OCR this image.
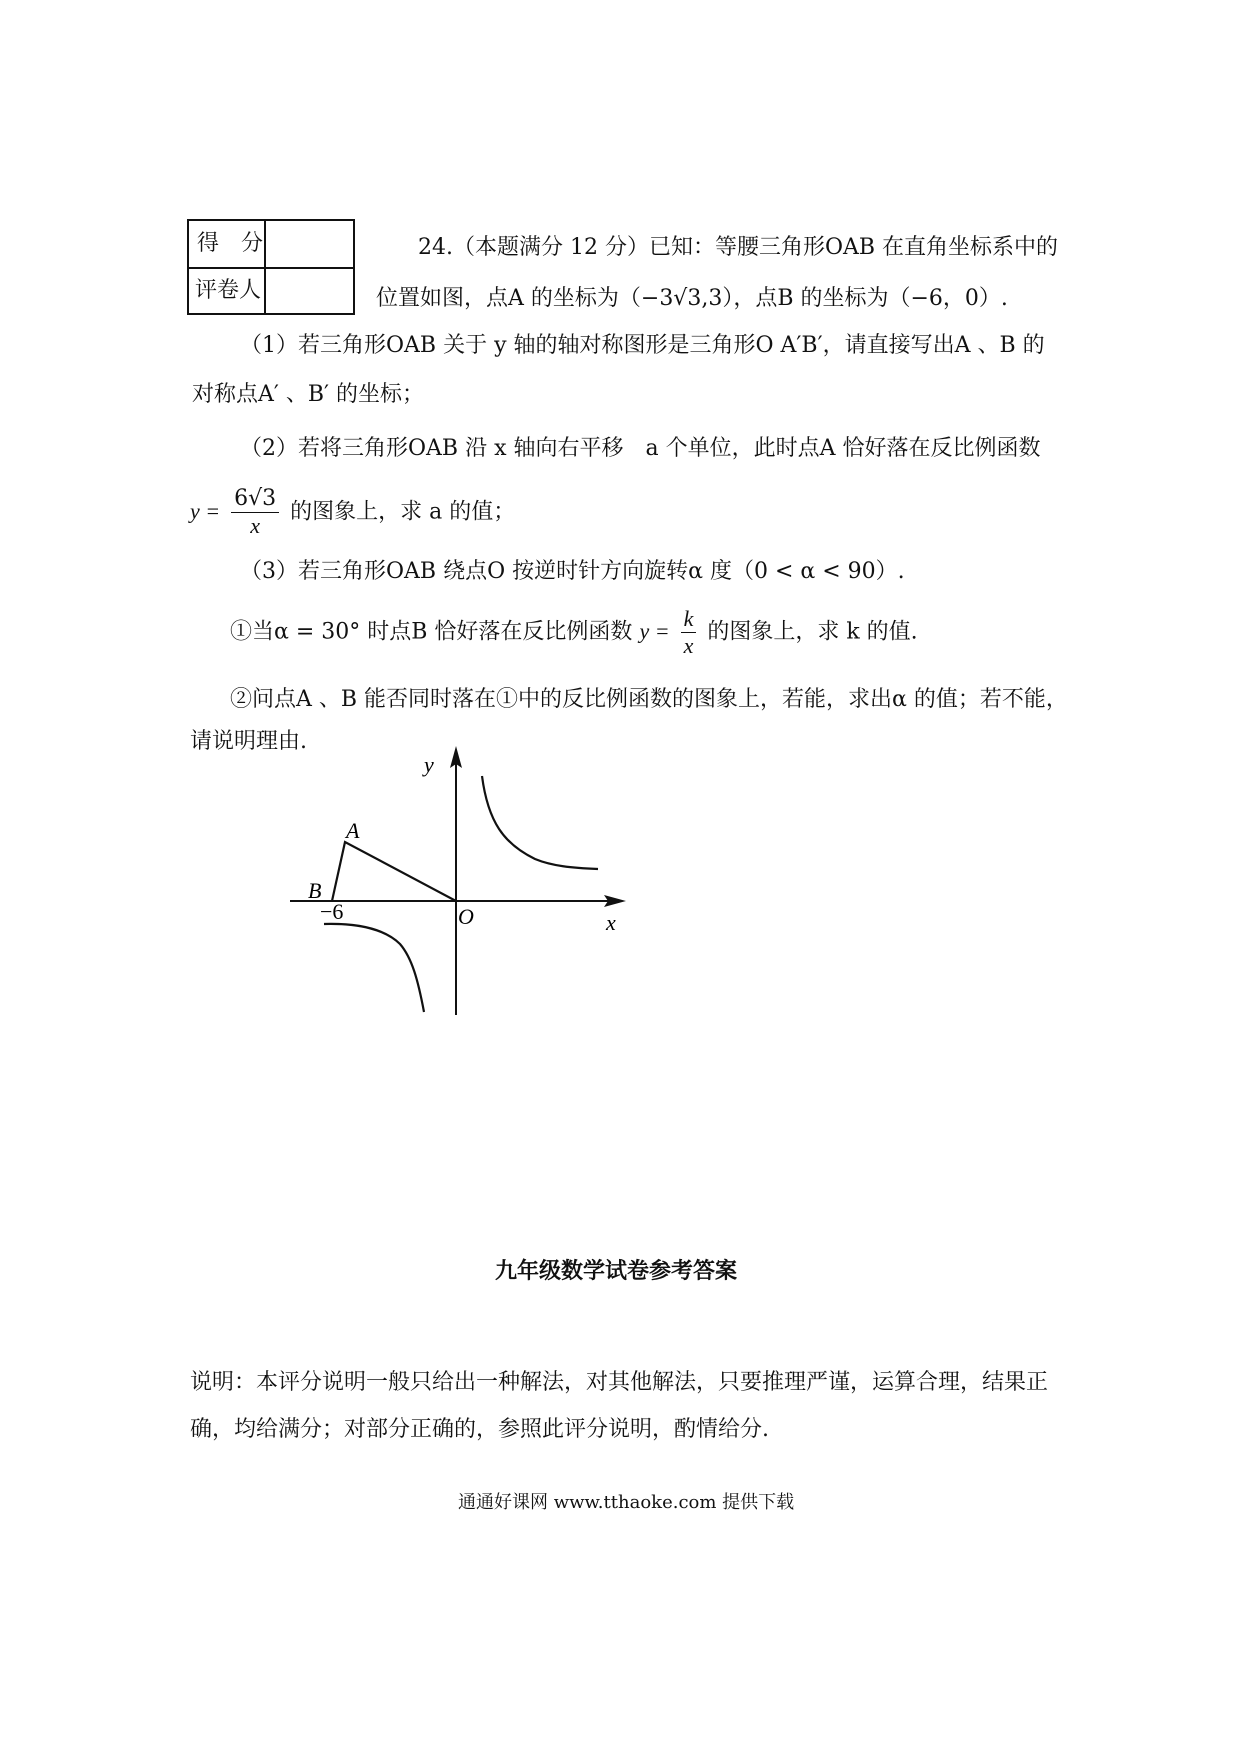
得　分
评卷人
24.（本题满分 12 分）已知：等腰三角形OAB 在直角坐标系中的
位置如图，点A 的坐标为（−3√3,3），点B 的坐标为（−6，0）.
（1）若三角形OAB 关于 y 轴的轴对称图形是三角形O A′B′，请直接写出A 、B 的
对称点A′ 、B′ 的坐标；
（2）若将三角形OAB 沿 x 轴向右平移　a 个单位，此时点A 恰好落在反比例函数
$y = \frac{6√3}{x}$ 的图象上，求 a 的值；
（3）若三角形OAB 绕点O 按逆时针方向旋转α 度（0 < α < 90）.
①当α = 30° 时点B 恰好落在反比例函数 $y = \frac{k}{x}$ 的图象上，求 k 的值.
②问点A 、B 能否同时落在①中的反比例函数的图象上，若能，求出α 的值；若不能，
请说明理由.
y
x
O
A
B
−6
九年级数学试卷参考答案
说明：本评分说明一般只给出一种解法，对其他解法，只要推理严谨，运算合理，结果正
确，均给满分；对部分正确的，参照此评分说明，酌情给分.
通通好课网 www.tthaoke.com 提供下载
